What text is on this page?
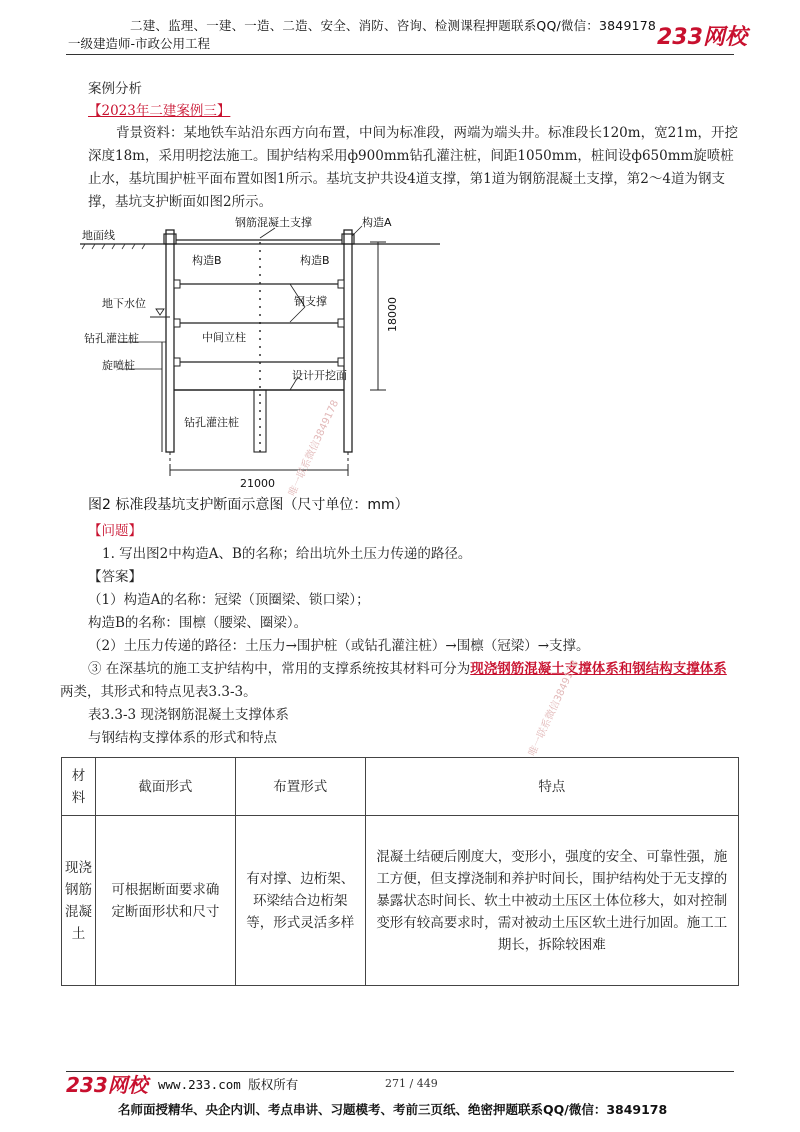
二建、监理、一建、一造、二造、安全、消防、咨询、检测课程押题联系QQ/微信：3849178
一级建造师-市政公用工程	233网校
案例分析
【2023年二建案例三】
背景资料：某地铁车站沿东西方向布置，中间为标准段，两端为端头井。标准段长120m，宽21m，开挖深度18m，采用明挖法施工。围护结构采用ф900mm钻孔灌注桩，间距1050mm，桩间设ф650mm旋喷桩止水，基坑围护桩平面布置如图1所示。基坑支护共设4道支撑，第1道为钢筋混凝土支撑，第2～4道为钢支撑，基坑支护断面如图2所示。
地面线
钢筋混凝土支撑	构造A
构造B	构造B
地下水位	钢支撑
钻孔灌注桩	中间立柱
旋喷桩
设计开挖面
钻孔灌注桩
21000
18000
图2 标准段基坑支护断面示意图（尺寸单位：mm）
【问题】
1. 写出图2中构造A、B的名称；给出坑外土压力传递的路径。
【答案】
（1）构造A的名称：冠梁（顶圈梁、锁口梁）；
构造B的名称：围檩（腰梁、圈梁）。
（2）土压力传递的路径：土压力→围护桩（或钻孔灌注桩）→围檩（冠梁）→支撑。
③ 在深基坑的施工支护结构中，常用的支撑系统按其材料可分为现浇钢筋混凝土支撑体系和钢结构支撑体系两类，其形式和特点见表3.3-3。
表3.3-3 现浇钢筋混凝土支撑体系
与钢结构支撑体系的形式和特点
材料	截面形式	布置形式	特点
现浇钢筋混凝土	可根据断面要求确定断面形状和尺寸	有对撑、边桁架、环梁结合边桁架等，形式灵活多样	混凝土结硬后刚度大，变形小，强度的安全、可靠性强，施工方便，但支撑浇制和养护时间长，围护结构处于无支撑的暴露状态时间长、软土中被动土压区土体位移大，如对控制变形有较高要求时，需对被动土压区软土进行加固。施工工期长，拆除较困难
唯一联系微信3849178
唯一联系微信3849178
233网校 www.233.com 版权所有	271 / 449
名师面授精华、央企内训、考点串讲、习题模考、考前三页纸、绝密押题联系QQ/微信：3849178
